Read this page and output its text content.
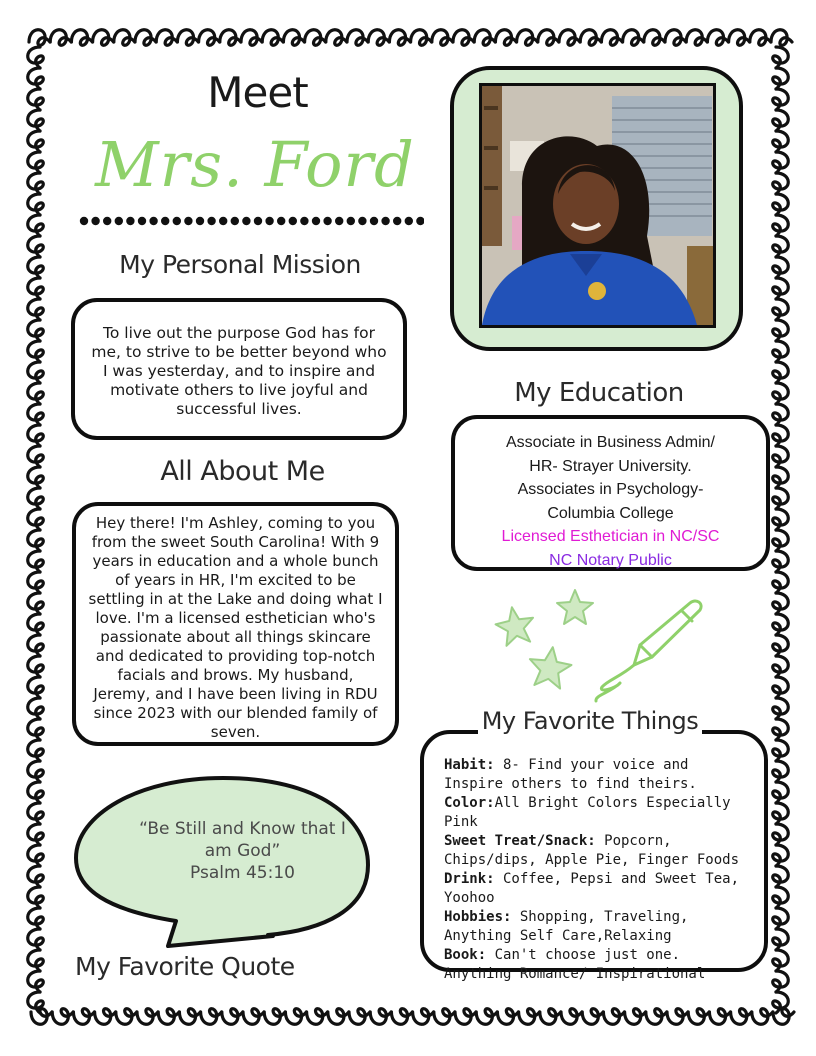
Meet
Mrs. Ford
My Personal Mission
To live out the purpose God has for me, to strive to be better beyond who I was yesterday, and to inspire and motivate others to live joyful and successful lives.
All About Me
Hey there! I'm Ashley, coming to you from the sweet South Carolina! With 9 years in education and a whole bunch of years in HR, I'm excited to be settling in at the Lake and doing what I love. I'm a licensed esthetician who's passionate about all things skincare and dedicated to providing top-notch facials and brows. My husband, Jeremy, and I have been living in RDU since 2023 with our blended family of seven.
“Be Still and Know that I
am God”
Psalm 45:10
My Favorite Quote
My Education
Associate in Business Admin/
HR- Strayer University.
Associates in Psychology-
Columbia College
Licensed Esthetician in NC/SC
NC Notary Public
Habit: 8- Find your voice and Inspire others to find theirs.
Color:All Bright Colors Especially Pink
Sweet Treat/Snack: Popcorn, Chips/dips, Apple Pie, Finger Foods
Drink: Coffee, Pepsi and Sweet Tea, Yoohoo
Hobbies: Shopping, Traveling, Anything Self Care,Relaxing
Book: Can't choose just one. Anything Romance/ Inspirational
My Favorite Things
